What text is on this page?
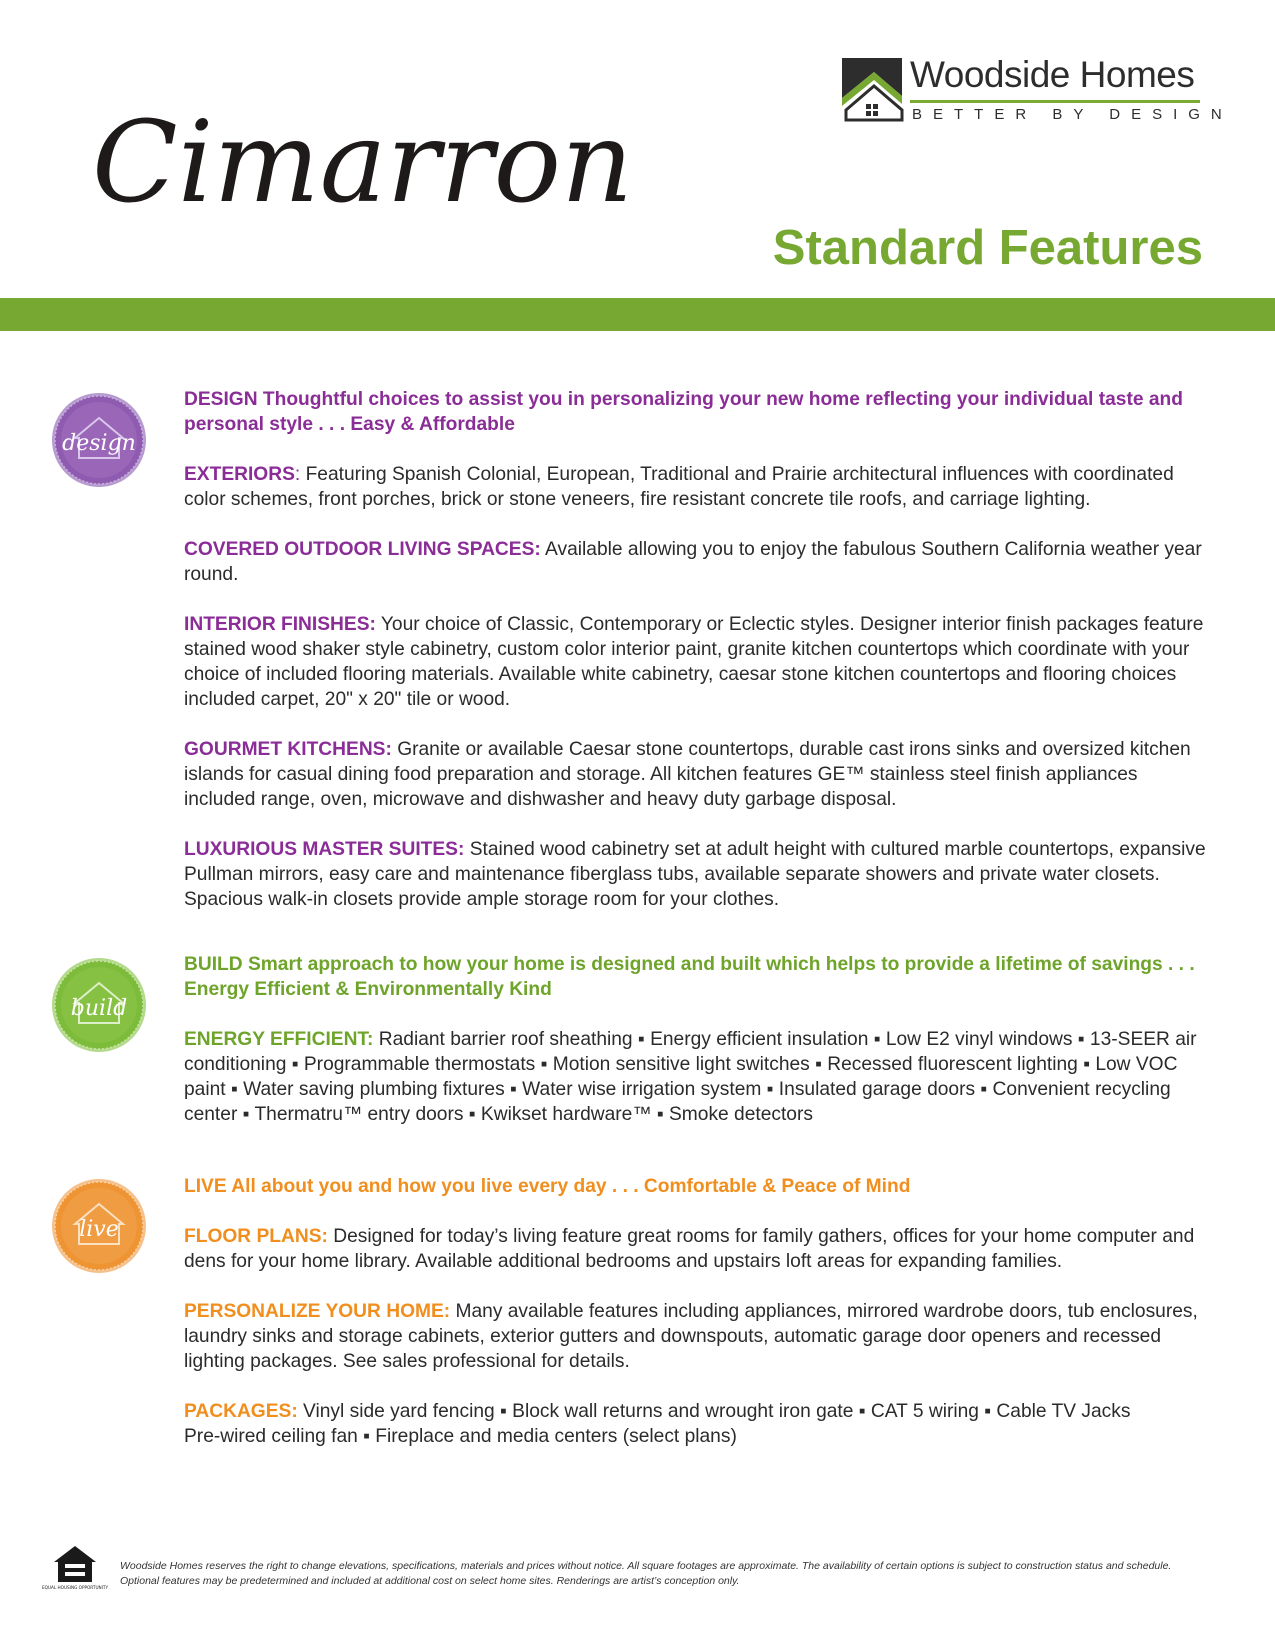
Woodside Homes
BETTER BY DESIGN
Cimarron
Standard Features
design

DESIGN Thoughtful choices to assist you in personalizing your new home reflecting your individual taste and personal style . . . Easy & Affordable

EXTERIORS: Featuring Spanish Colonial, European, Traditional and Prairie architectural influences with coordinated color schemes, front porches, brick or stone veneers, fire resistant concrete tile roofs, and carriage lighting.

COVERED OUTDOOR LIVING SPACES: Available allowing you to enjoy the fabulous Southern California weather year round.

INTERIOR FINISHES: Your choice of Classic, Contemporary or Eclectic styles. Designer interior finish packages feature stained wood shaker style cabinetry, custom color interior paint, granite kitchen countertops which coordinate with your choice of included flooring materials. Available white cabinetry, caesar stone kitchen countertops and flooring choices included carpet, 20" x 20" tile or wood.

GOURMET KITCHENS: Granite or available Caesar stone countertops, durable cast irons sinks and oversized kitchen islands for casual dining food preparation and storage. All kitchen features GE™ stainless steel finish appliances included range, oven, microwave and dishwasher and heavy duty garbage disposal.

LUXURIOUS MASTER SUITES: Stained wood cabinetry set at adult height with cultured marble countertops, expansive Pullman mirrors, easy care and maintenance fiberglass tubs, available separate showers and private water closets. Spacious walk-in closets provide ample storage room for your clothes.

build

BUILD Smart approach to how your home is designed and built which helps to provide a lifetime of savings . . . Energy Efficient & Environmentally Kind

ENERGY EFFICIENT: Radiant barrier roof sheathing ▪ Energy efficient insulation ▪ Low E2 vinyl windows ▪ 13-SEER air conditioning ▪ Programmable thermostats ▪ Motion sensitive light switches ▪ Recessed fluorescent lighting ▪ Low VOC paint ▪ Water saving plumbing fixtures ▪ Water wise irrigation system ▪ Insulated garage doors ▪ Convenient recycling center ▪ Thermatru™ entry doors ▪ Kwikset hardware™ ▪ Smoke detectors

live

LIVE All about you and how you live every day . . . Comfortable & Peace of Mind

FLOOR PLANS: Designed for today’s living feature great rooms for family gathers, offices for your home computer and dens for your home library. Available additional bedrooms and upstairs loft areas for expanding families.

PERSONALIZE YOUR HOME: Many available features including appliances, mirrored wardrobe doors, tub enclosures, laundry sinks and storage cabinets, exterior gutters and downspouts, automatic garage door openers and recessed lighting packages. See sales professional for details.

PACKAGES: Vinyl side yard fencing ▪ Block wall returns and wrought iron gate ▪ CAT 5 wiring ▪ Cable TV Jacks
Pre-wired ceiling fan ▪ Fireplace and media centers (select plans)

EQUAL HOUSING OPPORTUNITY
Woodside Homes reserves the right to change elevations, specifications, materials and prices without notice. All square footages are approximate. The availability of certain options is subject to construction status and schedule. Optional features may be predetermined and included at additional cost on select home sites. Renderings are artist’s conception only.
